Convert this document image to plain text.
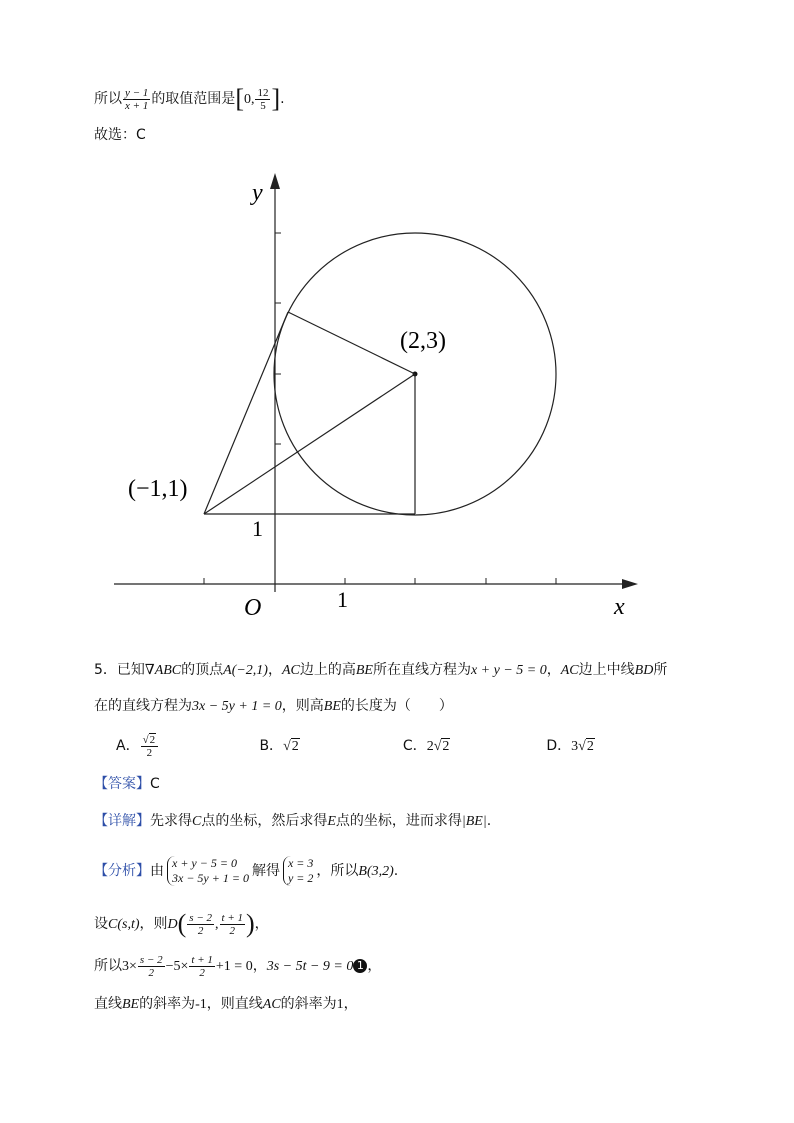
所以 $\frac{y - 1}{x + 1}$ 的取值范围是[0, $\frac{12}{5}$ ].
故选：C
y
x
O	1
1
(2,3)
(−1,1)
5．已知∇ABC的顶点A(−2,1)，AC边上的高BE所在直线方程为x + y − 5 = 0，AC边上中线BD所
在的直线方程为3x − 5y + 1 = 0，则高BE的长度为（　　）
A． $\frac{√2}{2}$	B．√2	C．2√2	D．3√2
【答案】C
【详解】先求得C点的坐标，然后求得E点的坐标，进而求得|BE|.
【分析】由 x + y − 5 = 0
3x − 5y + 1 = 0 解得 x = 3
y = 2 ，所以B(3,2).
设C(s,t)，则$D( \frac{s - 2}{2}$ , $\frac{t + 1}{2}$ )，
所以$3\times \frac{s - 2}{2} -5\times \frac{t + 1}{2} +1 = 0$，3s − 5t − 9 = 0 1 ，
直线BE的斜率为-1，则直线AC的斜率为1，
